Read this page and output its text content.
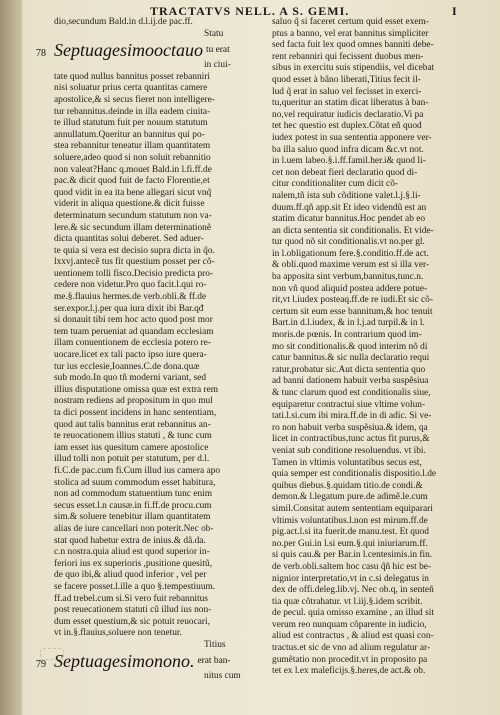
TRACTATVS NELL. A S. GEMI.	I
dio,secundum Bald.in d.l.ij.de pac.ff.
Statu
78 Septuagesimooctauo $^{tu erat}$
in ciui-
tate quod nullus bannitus posset rebanniri
nisi soluatur prius certa quantitas camere
apostolice,& si secus fieret non intelligere-
tur rebannitus.deinde in illa eadem ciuita-
te illud statutum fuit per nouum statutum
annullatum.Queritur an bannitus qui po-
stea rebannitur teneatur illam quantitatem
soluere,adeo quod si non soluit rebannitio
non valeat?Hanc q.mouet Bald.in l.fi.ff.de
pac.& dicit quod fuit de facto Florentie,et
quod vidit in ea ita bene allegari sicut vnq̃
viderit in aliqua questione.& dicit fuisse
determinatum secundum statutum non va-
lere.& sic secundum illam determinationẽ
dicta quantitas solui deberet. Sed aduer-
te quia si vera est decisio supra dicta in q̃o.
lxxvj.antecẽ tus fit questium posset per cõ-
uentionem tolli fisco.Decisio predicta pro-
cedere non videtur.Pro quo facit.l.qui ro-
me.§.flauius hermes.de verb.obli.& ff.de
ser.expor.l.j.per qua iura dixit ibi Bar.qđ
si donauit tibi rem hoc acto quod post mor
tem tuam perueniat ad quandam ecclesiam
illam conuentionem de ecclesia potero re-
uocare.licet ex tali pacto ipso iure quera-
tur ius ecclesie,Ioannes.C.de dona.quæ
sub modo.In quo tñ moderni variant, sed
illius disputatione omissa quæ est extra rem
nostram rediens ad propositum in quo mul
ta dici possent incidens in hanc sententiam,
quod aut talis bannitus erat rebannitus an-
te reuocationem illius statuti , & tunc cum
iam esset ius quesitum camere apostolice
illud tolli non potuit per statutum, per d.l.
fi.C.de pac.cum fi.Cum illud ius camera apo
stolica ad suum commodum esset habitura,
non ad commodum statuentium tunc enim
secus esset.l.n causæ.in fi.ff.de procu.cum
sim.& soluere tenebitur illam quantitatem
alias de iure cancellari non poterit.Nec ob-
stat quod habetur extra de inius.& dã.da.
c.n nostra.quia aliud est quod superior in-
feriori ius ex superioris ,pusitione quesitũ,
de quo ibi,& aliud quod inferior , vel per
se facere posset.l.ille a quo §.tempestiuum.
ff.ad trebel.cum si.Si vero fuit rebannitus
post reuecationem statuti cũ illud ius non-
dum esset questium,& sic potuit reuocari,
vt in.§.flauius,soluere non tenetur.
Titius
79 Septuagesimonono. $^{erat ban-}$
nitus cum
saluo q̃ si faceret certum quid esset exem-
ptus a banno, vel erat bannitus simpliciter
sed facta fuit lex quod omnes banniti debe-
rent rebanniri qui fecissent duobus men-
sibus in exercitu suis stipendiis, vel dicebat
quod esset à bãno liberati,Titius fecit il-
lud q̃ erat in saluo vel fecisset in exerci-
tu,queritur an statim dicat liberatus à ban-
no,vel requiratur iudicis declaratio.Vi pa
tet hec questio est duplex.Cõtat eñ quod
iudex potest in sua sententia apponere ver-
ba illa saluo quod infra dicam &c.vt not.
in l.uem labeo.§.i.ff.famil.her.i& quod li-
cet non debeat fieri declaratio quod di-
citur conditionaliter cum dicit cõ-
nalem,tñ ista sub cõditione valet.l.j.§.li-
duum.ff.qñ app.sit Et ideo videndũ est an
statim dicatur bannitus.Hoc pendet ab eo
an dicta sententia sit conditionalis. Et vide-
tur quod nõ sit conditionalis.vt no.per gl.
in l.obligationum fere.§.conditio.ff.de act.
& obli.quod maxime verum est si illa ver-
ba apposita sint verbum,bannitus,tunc.n.
non vñ quod aliquid postea addere potue-
rit,vt l.iudex posteaq.ff.de re iudi.Et sic cõ-
certum sit eum esse bannitum,& hoc tenuit
Bart.in d.l.iudex, & in l.j.ad turpil.& in l.
moris.de pœnis. In contrarium quod im-
mo sit conditionalis.& quod interim nõ di
catur bannitus.& sic nulla declaratio requi
ratur,probatur sic.Aut dicta sententia quo
ad banni dationem habuit verba suspẽsiua
& tunc clarum quod est conditionalis siue,
equiparetur contractui siue vltime volun-
tati.l.si.cum ibi mira.ff.de in di adic. Si ve-
ro non habuit verba suspẽsiua.& idem, qa
licet in contractibus,tunc actus fit purus,&
veniat sub conditione resoluendus. vt ibi.
Tamen in vltimis voluntatibus secus est,
quia semper est conditionalis dispositio.l.de
quibus diebus.§.quidam titio.de condi.&
demon.& l.legatum pure.de adimẽ.le.cum
simil.Consitat autem sententiam equiparari
vltimis voluntatibus.l.non est mirum.ff.de
pig.act.l.si ita fuerit.de manu.test. Et quod
no.per Gui.in l.si eum.§.qui iniuriarum.ff.
si quis cau.& per Bar.in l.centesimis.in fin.
de verb.obli.saltem hoc casu q̃ñ hic est be-
nignior interpretatio,vt in c.si delegatus in
dex de offi.deleg.lib.vj. Nec ob.q, in senteñ
tia quæ cõtrahatur. vt l.iij.§.idem scribit.
de pecul. quia omisso examine , an illud sit
verum reo nunquam cõparente in iudicio,
aliud est contractus , & aliud est quasi con-
tractus.et sic de vno ad alium regulatur ar-
gumẽtatio non procedit.vt in proposito pa
tet ex l.ex maleficijs.§.heres,de act.& ob.
